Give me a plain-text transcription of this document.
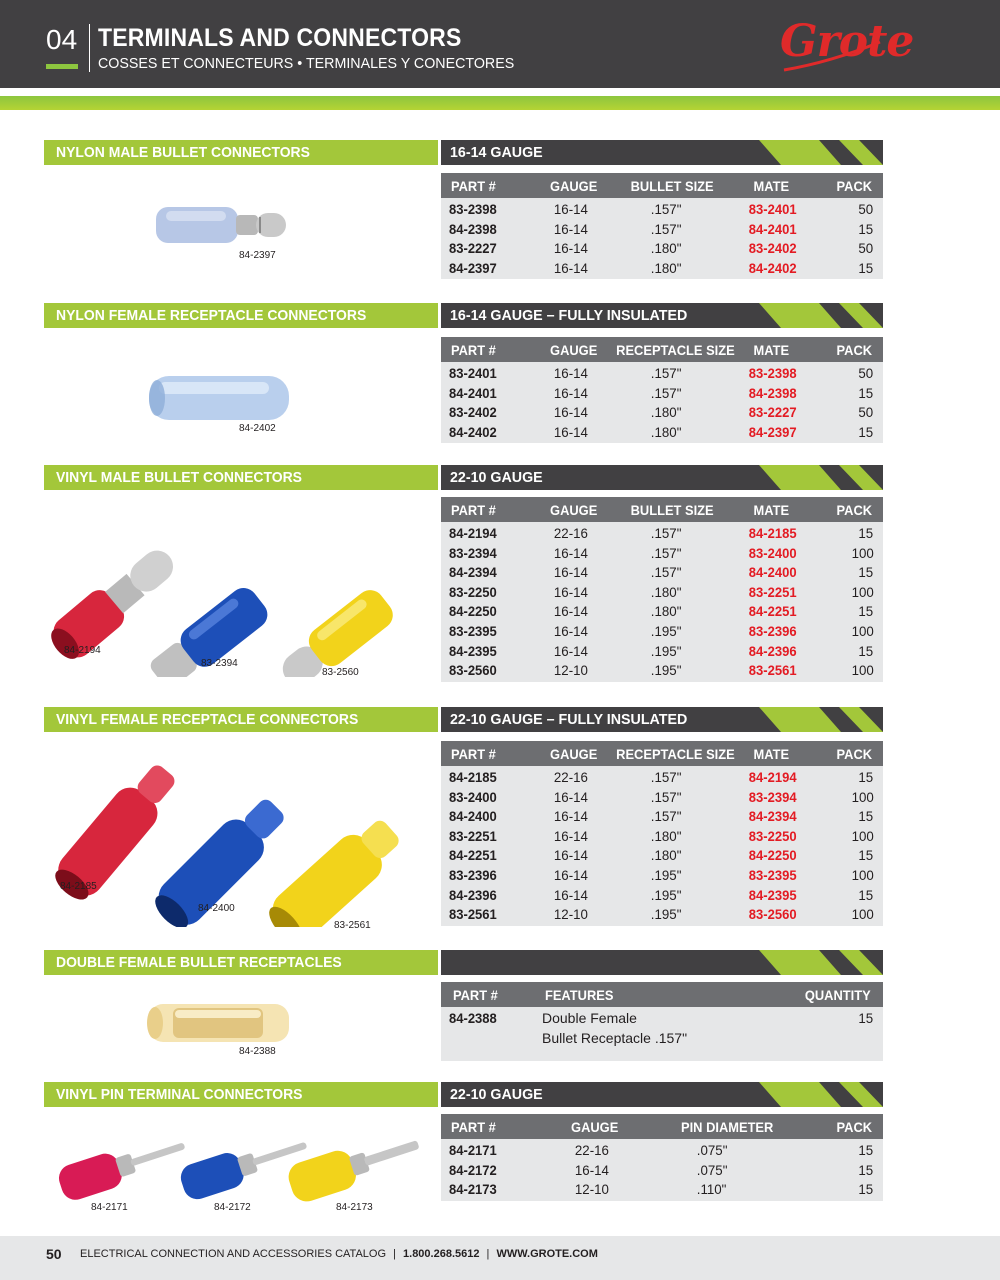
04 TERMINALS AND CONNECTORS
COSSES ET CONNECTEURS • TERMINALES Y CONECTORES	Grote
NYLON MALE BULLET CONNECTORS	16-14 GAUGE
PART #	GAUGE BULLET SIZE	MATE	PACK
83-2398	16-14	.157"	83-2401	50
84-2398	16-14	.157"	84-2401	15
83-2227	16-14	.180"	83-2402	50
84-2397	16-14	.180"	84-2402	15
84-2397
NYLON FEMALE RECEPTACLE CONNECTORS	16-14 GAUGE – FULLY INSULATED
PART #	GAUGE RECEPTACLE SIZE MATE	PACK
83-2401	16-14	.157"	83-2398	50
84-2401	16-14	.157"	84-2398	15
83-2402	16-14	.180"	83-2227	50
84-2402	16-14	.180"	84-2397	15
84-2402
VINYL MALE BULLET CONNECTORS	22-10 GAUGE
PART #	GAUGE BULLET SIZE	MATE	PACK
84-2194	22-16	.157"	84-2185	15
83-2394	16-14	.157"	83-2400	100
84-2394	16-14	.157"	84-2400	15
83-2250	16-14	.180"	83-2251	100
84-2250	16-14	.180"	84-2251	15
83-2395	16-14	.195"	83-2396	100
84-2395	16-14	.195"	84-2396	15
83-2560	12-10	.195"	83-2561	100
84-2194
83-2394
83-2560
VINYL FEMALE RECEPTACLE CONNECTORS	22-10 GAUGE – FULLY INSULATED
PART #	GAUGE RECEPTACLE SIZE MATE	PACK
84-2185	22-16	.157"	84-2194	15
83-2400	16-14	.157"	83-2394	100
84-2400	16-14	.157"	84-2394	15
83-2251	16-14	.180"	83-2250	100
84-2251	16-14	.180"	84-2250	15
83-2396	16-14	.195"	83-2395	100
84-2396	16-14	.195"	84-2395	15
83-2561	12-10	.195"	83-2560	100
84-2185
84-2400
83-2561
DOUBLE FEMALE BULLET RECEPTACLES
PART #	FEATURES	QUANTITY
84-2388	Double Female	15
Bullet Receptacle .157"
84-2388
VINYL PIN TERMINAL CONNECTORS	22-10 GAUGE
PART #	GAUGE	PIN DIAMETER	PACK
84-2171	22-16	.075"	15
84-2172	16-14	.075"	15
84-2173	12-10	.110"	15
84-2171	84-2172	84-2173
50 ELECTRICAL CONNECTION AND ACCESSORIES CATALOG | 1.800.268.5612 | WWW.GROTE.COM
